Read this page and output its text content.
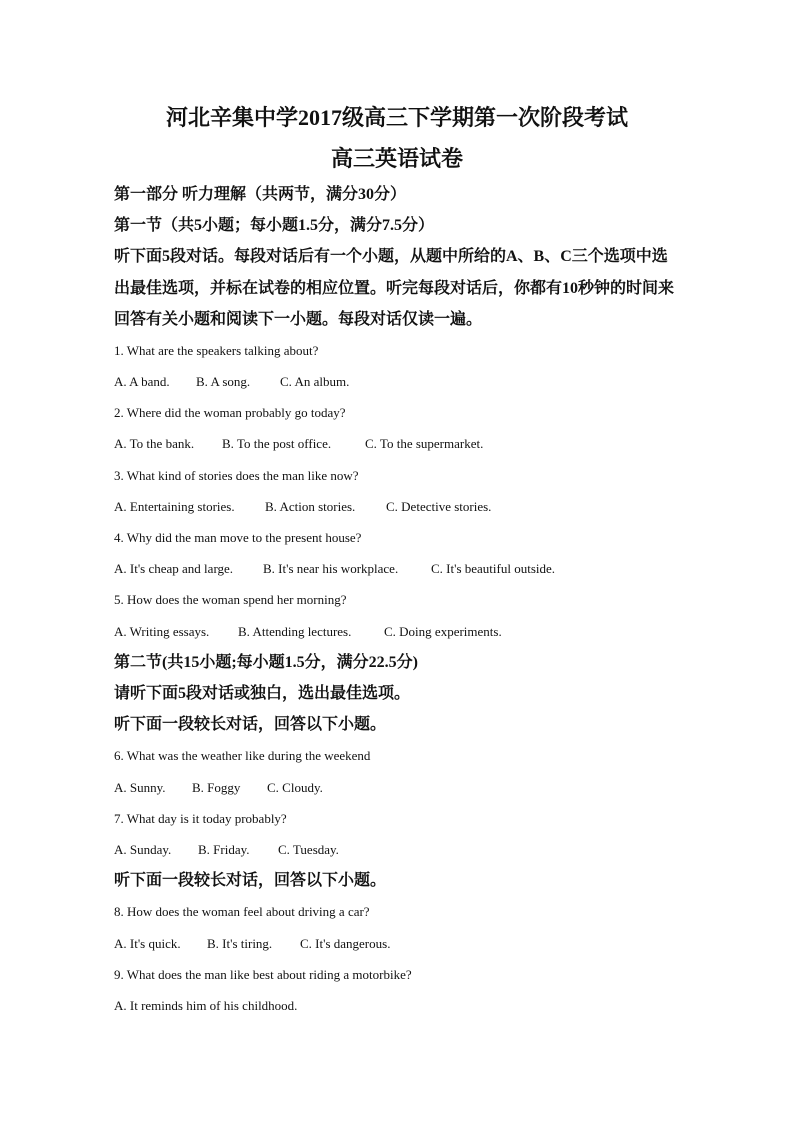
河北辛集中学2017级高三下学期第一次阶段考试
高三英语试卷
第一部分 听力理解（共两节，满分30分）
第一节（共5小题；每小题1.5分，满分7.5分）
听下面5段对话。每段对话后有一个小题，从题中所给的A、B、C三个选项中选
出最佳选项，并标在试卷的相应位置。听完每段对话后，你都有10秒钟的时间来
回答有关小题和阅读下一小题。每段对话仅读一遍。
1. What are the speakers talking about?
A. A band. B. A song. C. An album.
2. Where did the woman probably go today?
A. To the bank. B. To the post office.	C. To the supermarket.
3. What kind of stories does the man like now?
A. Entertaining stories. B. Action stories. C. Detective stories.
4. Why did the man move to the present house?
A. It's cheap and large. B. It's near his workplace.	C. It's beautiful outside.
5. How does the woman spend her morning?
A. Writing essays. B. Attending lectures.	C. Doing experiments.
第二节(共15小题;每小题1.5分，满分22.5分)
请听下面5段对话或独白，选出最佳选项。
听下面一段较长对话，回答以下小题。
6. What was the weather like during the weekend
A. Sunny. B. Foggy C. Cloudy.
7. What day is it today probably?
A. Sunday. B. Friday. C. Tuesday.
听下面一段较长对话，回答以下小题。
8. How does the woman feel about driving a car?
A. It's quick. B. It's tiring. C. It's dangerous.
9. What does the man like best about riding a motorbike?
A. It reminds him of his childhood.
